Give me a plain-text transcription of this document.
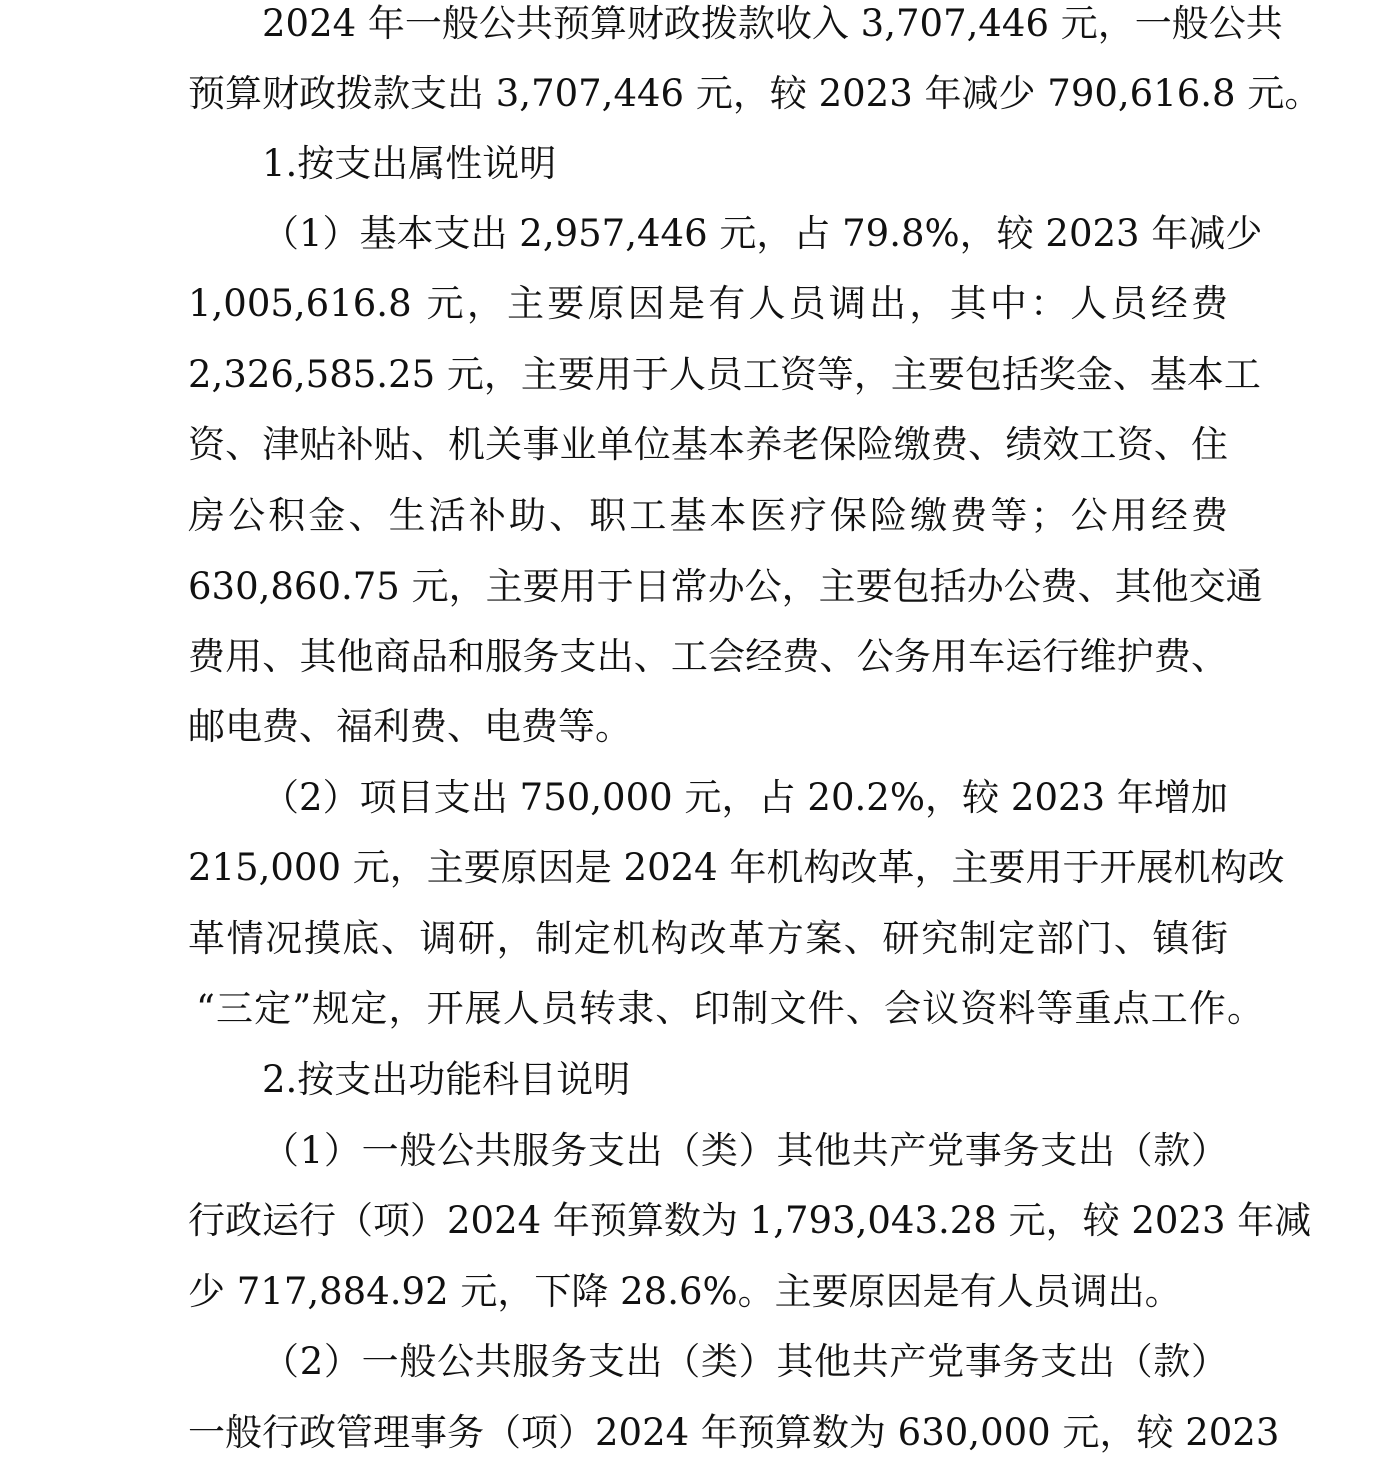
2024 年一般公共预算财政拨款收入 3,707,446 元，一般公共
预算财政拨款支出 3,707,446 元，较 2023 年减少 790,616.8 元。
1.按支出属性说明
（1）基本支出 2,957,446 元，占 79.8%，较 2023 年减少
1,005,616.8 元，主要原因是有人员调出，其中：人员经费
2,326,585.25 元，主要用于人员工资等，主要包括奖金、基本工
资、津贴补贴、机关事业单位基本养老保险缴费、绩效工资、住
房公积金、生活补助、职工基本医疗保险缴费等；公用经费
630,860.75 元，主要用于日常办公，主要包括办公费、其他交通
费用、其他商品和服务支出、工会经费、公务用车运行维护费、
邮电费、福利费、电费等。
（2）项目支出 750,000 元，占 20.2%，较 2023 年增加
215,000 元，主要原因是 2024 年机构改革，主要用于开展机构改
革情况摸底、调研，制定机构改革方案、研究制定部门、镇街
“三定”规定，开展人员转隶、印制文件、会议资料等重点工作。
2.按支出功能科目说明
（1）一般公共服务支出（类）其他共产党事务支出（款）
行政运行（项）2024 年预算数为 1,793,043.28 元，较 2023 年减
少 717,884.92 元，下降 28.6%。主要原因是有人员调出。
（2）一般公共服务支出（类）其他共产党事务支出（款）
一般行政管理事务（项）2024 年预算数为 630,000 元，较 2023
